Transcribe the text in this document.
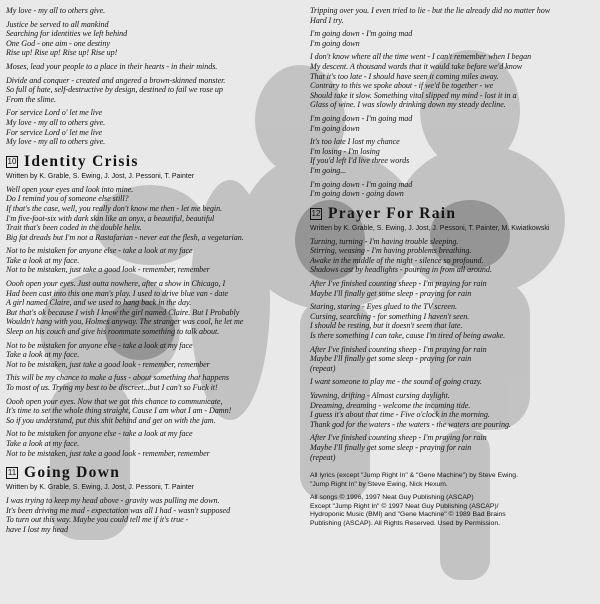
My love - my all to others give.

Justice be served to all mankind
Searching for identities we left behind
One God - one aim - one destiny
Rise up! Rise up! Rise up! Rise up!

Moses, lead your people to a place in their hearts - in their minds.

Divide and conquer - created and angered a brown-skinned monster.
So full of hate, self-destructive by design, destined to fail we rose up
From the slime.

For service Lord o' let me live
My love - my all to others give.
For service Lord o' let me live
My love - my all to others give.

10 Identity Crisis
Written by K. Grable, S. Ewing, J. Jost, J. Pessoni, T. Painter

Well open your eyes and look into mine.
Do I remind you of someone else still?
If that's the case, well, you really don't know me then - let me begin.
I'm five-foot-six with dark skin like an onyx, a beautiful, beautiful
Trait that's been coded in the double helix.
Big fat dreads but I'm not a Rastafarian - never eat the flesh, a vegetarian.

Not to be mistaken for anyone else - take a look at my face
Take a look at my face.
Not to be mistaken, just take a good look - remember, remember

Oooh open your eyes. Just outta nowhere, after a show in Chicago, I
Had been cast into this one man's play. I used to drive blue van - date
A girl named Claire, and we used to hang back in the day.
But that's ok because I wish I knew the girl named Claire. But I Probably
Wouldn't hang with you, Holmes anyway. The stranger was cool, he let me
Sleep on his couch and give his roommate something to talk about.

Not to be mistaken for anyone else - take a look at my face
Take a look at my face.
Not to be mistaken, just take a good look - remember, remember

This will be my chance to make a fuss - about something that happens
To most of us. Trying my best to be discreet...but I can't so Fuck it!

Oooh open your eyes. Now that we got this chance to communicate,
It's time to set the whole thing straight, Cause I am what I am - Damn!
So if you understand, put this shit behind and get on with the jam.

Not to be mistaken for anyone else - take a look at my face
Take a look at my face.
Not to be mistaken, just take a good look - remember, remember

11 Going Down
Written by K. Grable, S. Ewing, J. Jost, J. Pessoni, T. Painter

I was trying to keep my head above - gravity was pulling me down.
It's been driving me mad - expectation was all I had - wasn't supposed
To turn out this way. Maybe you could tell me if it's true -
have I lost my head

Tripping over you. I even tried to lie - but the lie already did no matter how
Hard I try.

I'm going down - I'm going mad
I'm going down

I don't know where all the time went - I can't remember when I began
My descent. A thousand words that it would take before we'd know
That it's too late - I should have seen it coming miles away.
Contrary to this we spoke about - if we'd be together - we
Should take it slow. Something vital slipped my mind - lost it in a
Glass of wine. I was slowly drinking down my steady decline.

I'm going down - I'm going mad
I'm going down

It's too late I lost my chance
I'm losing - I'm losing
If you'd left I'd live three words
I'm going...

I'm going down - I'm going mad
I'm going down - going down

12 Prayer For Rain
Written by K. Grable, S. Ewing, J. Jost, J. Pessoni, T. Painter, M. Kwiatkowski

Turning, turning - I'm having trouble sleeping.
Stirring, weasing - I'm having problems breathing.
Awake in the middle of the night - silence so profound.
Shadows cast by headlights - pouring in from all around.

After I've finished counting sheep - I'm praying for rain
Maybe I'll finally get some sleep - praying for rain

Staring, staring - Eyes glued to the TV screen.
Cursing, searching - for something I haven't seen.
I should be resting, but it doesn't seem that late.
Is there something I can take, cause I'm tired of being awake.

After I've finished counting sheep - I'm praying for rain
Maybe I'll finally get some sleep - praying for rain
(repeat)

I want someone to play me - the sound of going crazy.

Yawning, drifting - Almost cursing daylight.
Dreaming, dreaming - welcome the incoming tide.
I guess it's about that time - Five o'clock in the morning.
Thank god for the waters - the waters - the waters are pouring.

After I've finished counting sheep - I'm praying for rain
Maybe I'll finally get some sleep - praying for rain
(repeat)

All lyrics (except "Jump Right In" & "Gene Machine") by Steve Ewing.
"Jump Right In" by Steve Ewing, Nick Hexum.

All songs © 1996, 1997 Neat Guy Publishing (ASCAP)
Except "Jump Right In" © 1997 Neat Guy Publishing (ASCAP)/
Hydroponic Music (BMI) and "Gene Machine" © 1989 Bad Brains
Publishing (ASCAP). All Rights Reserved. Used by Permission.
